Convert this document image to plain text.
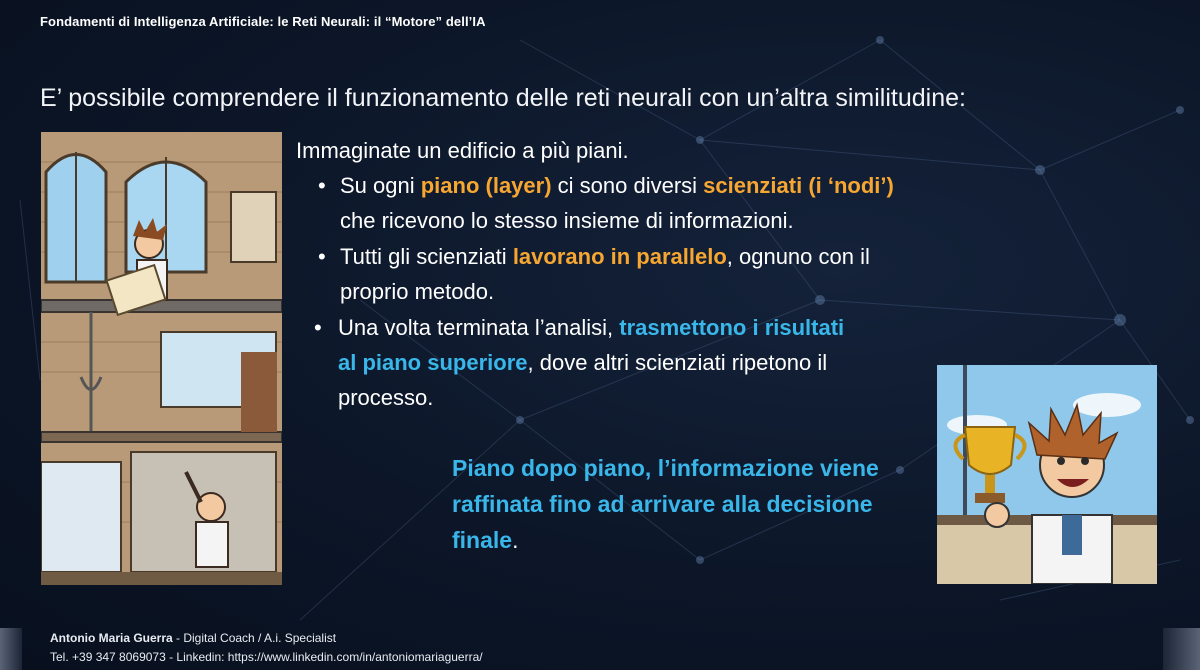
Fondamenti di Intelligenza Artificiale: le Reti Neurali: il “Motore” dell’IA
E’ possibile comprendere il funzionamento delle reti neurali con un’altra similitudine:

Immaginate un edificio a più piani.

• Su ogni piano (layer) ci sono diversi scienziati (i ‘nodi’) che ricevono lo stesso insieme di informazioni.
• Tutti gli scienziati lavorano in parallelo, ognuno con il proprio metodo.
• Una volta terminata l’analisi, trasmettono i risultati al piano superiore, dove altri scienziati ripetono il processo.
Piano dopo piano, l’informazione viene raffinata fino ad arrivare alla decisione finale.
Antonio Maria Guerra - Digital Coach / A.i. Specialist
Tel. +39 347 8069073 - Linkedin: https://www.linkedin.com/in/antoniomariaguerra/
